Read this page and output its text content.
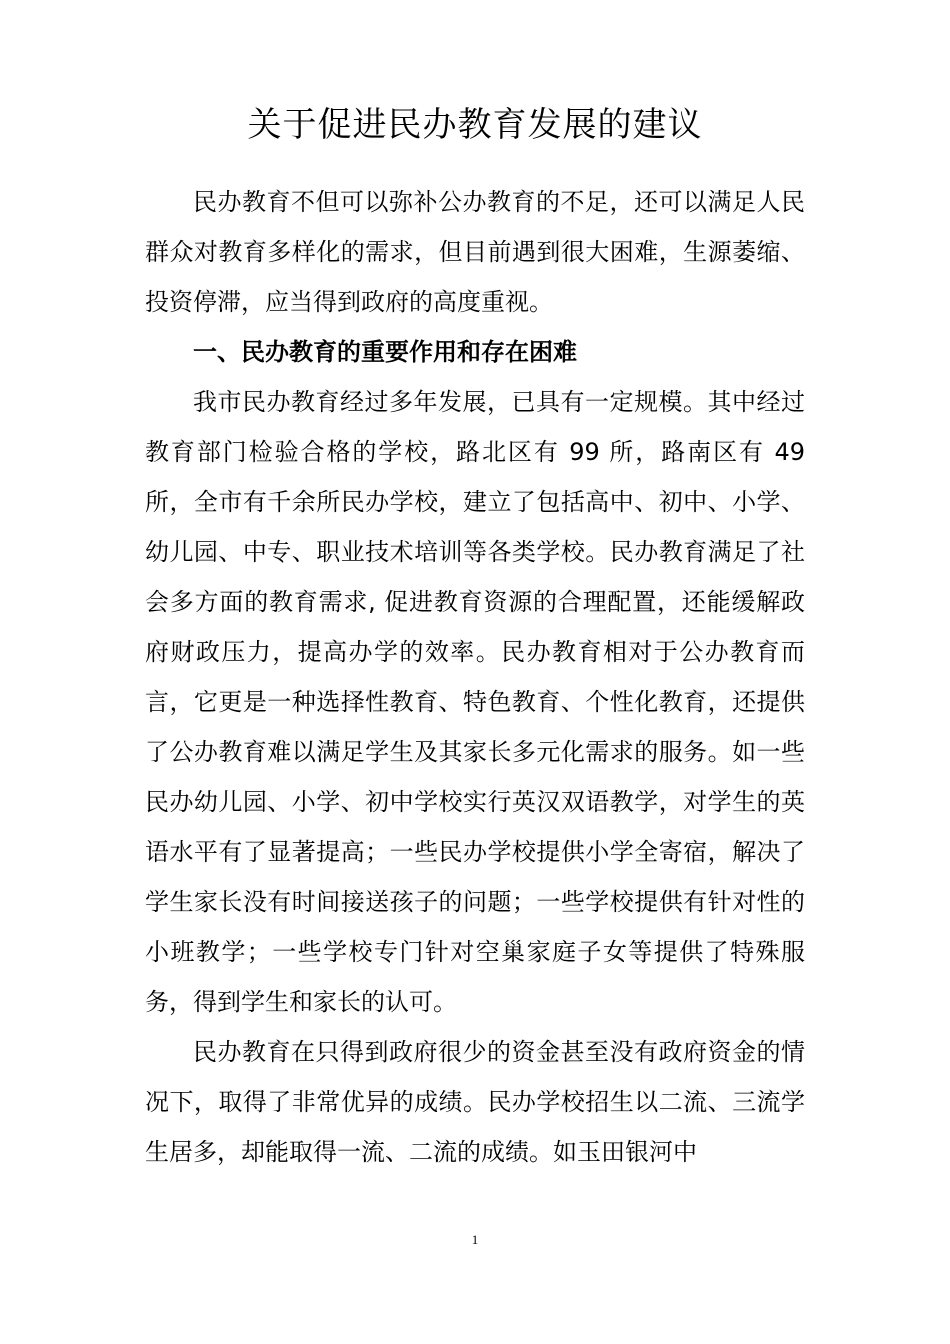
关于促进民办教育发展的建议

民办教育不但可以弥补公办教育的不足，还可以满足人民群众对教育多样化的需求，但目前遇到很大困难，生源萎缩、投资停滞，应当得到政府的高度重视。

一、民办教育的重要作用和存在困难

我市民办教育经过多年发展，已具有一定规模。其中经过教育部门检验合格的学校，路北区有 99 所，路南区有 49 所，全市有千余所民办学校，建立了包括高中、初中、小学、幼儿园、中专、职业技术培训等各类学校。民办教育满足了社会多方面的教育需求, 促进教育资源的合理配置，还能缓解政府财政压力，提高办学的效率。民办教育相对于公办教育而言，它更是一种选择性教育、特色教育、个性化教育，还提供了公办教育难以满足学生及其家长多元化需求的服务。如一些民办幼儿园、小学、初中学校实行英汉双语教学，对学生的英语水平有了显著提高；一些民办学校提供小学全寄宿，解决了学生家长没有时间接送孩子的问题；一些学校提供有针对性的小班教学；一些学校专门针对空巢家庭子女等提供了特殊服务，得到学生和家长的认可。

民办教育在只得到政府很少的资金甚至没有政府资金的情况下，取得了非常优异的成绩。民办学校招生以二流、三流学生居多，却能取得一流、二流的成绩。如玉田银河中

1
